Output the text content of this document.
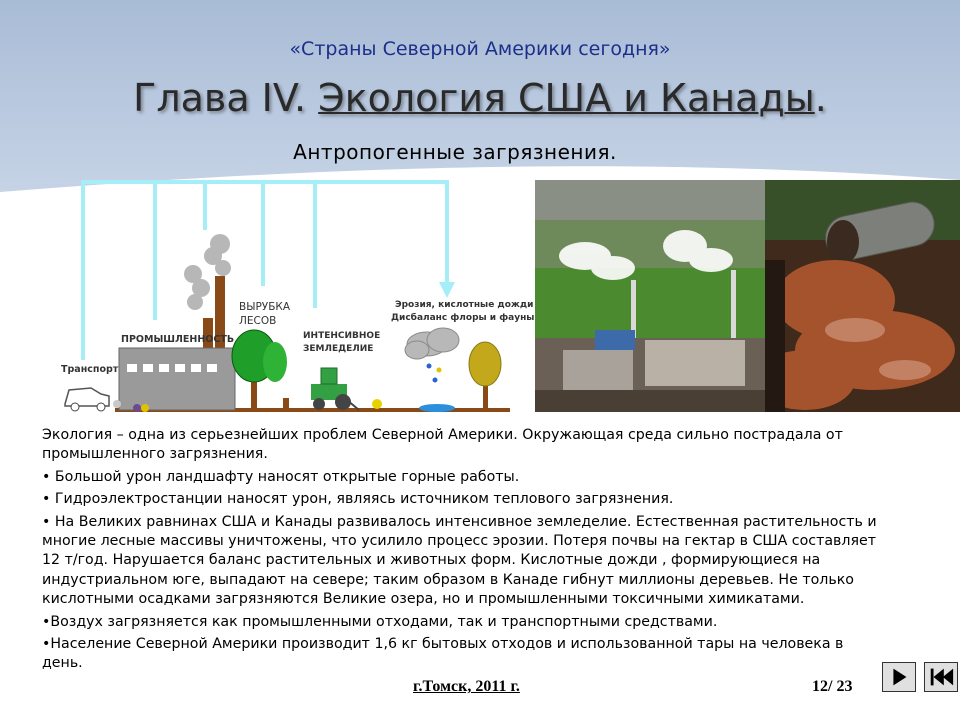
«Страны Северной Америки сегодня»
Глава IV. Экология США и Канады.
Антропогенные загрязнения.
ПРОМЫШЛЕННОСТЬ
Транспорт
ВЫРУБКА
ЛЕСОВ
ИНТЕНСИВНОЕ
ЗЕМЛЕДЕЛИЕ
Эрозия, кислотные дожди
Дисбаланс флоры и фауны

Экология – одна из серьезнейших проблем Северной Америки. Окружающая среда сильно пострадала от промышленного загрязнения.

• Большой урон ландшафту наносят открытые горные работы.

• Гидроэлектростанции наносят урон, являясь источником теплового загрязнения.

• На Великих равнинах США и Канады развивалось интенсивное земледелие. Естественная растительность и многие лесные массивы уничтожены, что усилило процесс эрозии. Потеря почвы на гектар в США составляет 12 т/год. Нарушается баланс растительных и животных форм. Кислотные дожди , формирующиеся на индустриальном юге, выпадают на севере; таким образом в Канаде гибнут миллионы деревьев. Не только кислотными осадками загрязняются Великие озера, но и промышленными токсичными химикатами.

•Воздух загрязняется как промышленными отходами, так и транспортными средствами.

•Население Северной Америки производит 1,6 кг бытовых отходов и использованной тары на человека в день.

г.Томск, 2011 г.	12/ 23
